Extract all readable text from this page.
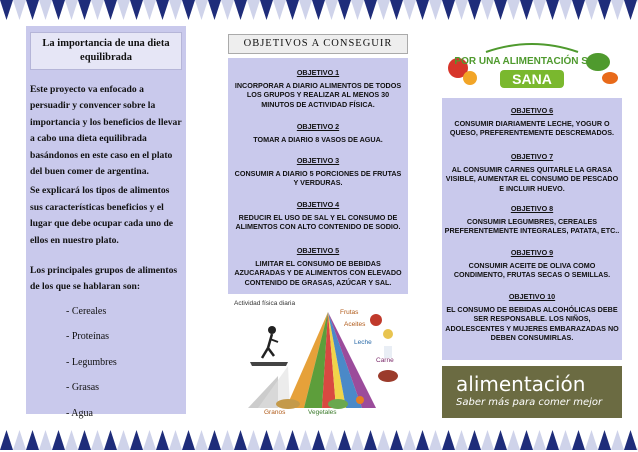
La importancia de una dieta equilibrada

Este proyecto va enfocado a persuadir y convencer sobre la importancia y los beneficios de llevar a cabo una dieta equilibrada basándonos en este caso en el plato del buen comer de argentina.

Se explicará los tipos de alimentos sus características beneficios y el lugar que debe ocupar cada uno de ellos en nuestro plato.

Los principales grupos de alimentos de los que se hablaran son:

- Cereales
- Proteínas
- Legumbres
- Grasas
- Agua
OBJETIVOS A CONSEGUIR
OBJETIVO 1
INCORPORAR A DIARIO ALIMENTOS DE TODOS LOS GRUPOS Y REALIZAR AL MENOS 30 MINUTOS DE ACTIVIDAD FÍSICA.
OBJETIVO 2
TOMAR A DIARIO 8 VASOS DE AGUA.
OBJETIVO 3
CONSUMIR A DIARIO 5 PORCIONES DE FRUTAS Y VERDURAS.
OBJETIVO 4
REDUCIR EL USO DE SAL Y EL CONSUMO DE ALIMENTOS CON ALTO CONTENIDO DE SODIO.
OBJETIVO 5
LIMITAR EL CONSUMO DE BEBIDAS AZUCARADAS Y DE ALIMENTOS CON ELEVADO CONTENIDO DE GRASAS, AZÚCAR Y SAL.
Actividad física diaria
Frutas
Aceites
Leche
Carne
Granos	Vegetales
POR UNA ALIMENTACIÓN SANA
SANA
OBJETIVO 6
CONSUMIR DIARIAMENTE LECHE, YOGUR O QUESO, PREFERENTEMENTE DESCREMADOS.
OBJETIVO 7
AL CONSUMIR CARNES QUITARLE LA GRASA VISIBLE, AUMENTAR EL CONSUMO DE PESCADO E INCLUIR HUEVO.
OBJETIVO 8
CONSUMIR LEGUMBRES, CEREALES PREFERENTEMENTE INTEGRALES, PATATA, ETC..
OBJETIVO 9
CONSUMIR ACEITE DE OLIVA COMO CONDIMENTO, FRUTAS SECAS O SEMILLAS.
OBJETIVO 10
EL CONSUMO DE BEBIDAS ALCOHÓLICAS DEBE SER RESPONSABLE. LOS NIÑOS, ADOLESCENTES Y MUJERES EMBARAZADAS NO DEBEN CONSUMIRLAS.
alimentación
Saber más para comer mejor
